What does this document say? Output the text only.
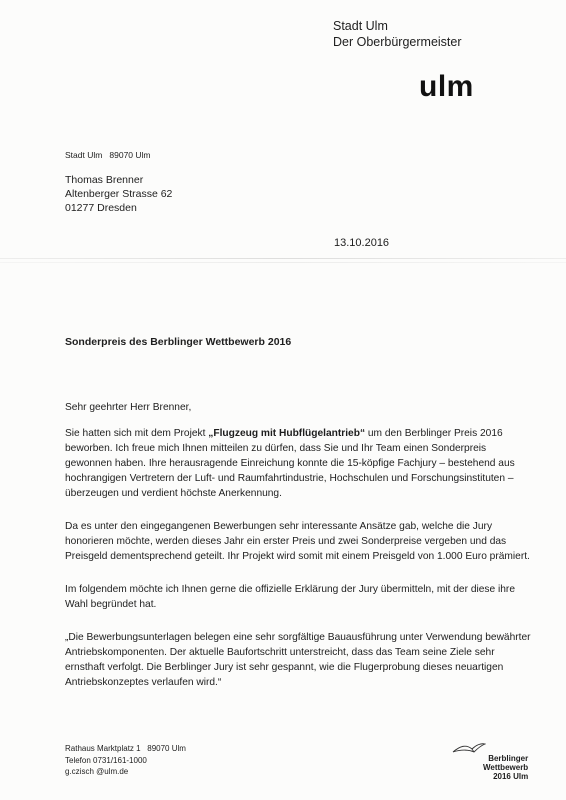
Stadt Ulm
Der Oberbürgermeister
ulm
Stadt Ulm   89070 Ulm
Thomas Brenner
Altenberger Strasse 62
01277 Dresden
13.10.2016
Sonderpreis des Berblinger Wettbewerb 2016

Sehr geehrter Herr Brenner,

Sie hatten sich mit dem Projekt „Flugzeug mit Hubflügelantrieb“ um den Berblinger Preis 2016 beworben. Ich freue mich Ihnen mitteilen zu dürfen, dass Sie und Ihr Team einen Sonderpreis gewonnen haben. Ihre herausragende Einreichung konnte die 15-köpfige Fachjury – bestehend aus hochrangigen Vertretern der Luft- und Raumfahrtindustrie, Hochschulen und Forschungsinstituten – überzeugen und verdient höchste Anerkennung.

Da es unter den eingegangenen Bewerbungen sehr interessante Ansätze gab, welche die Jury honorieren möchte, werden dieses Jahr ein erster Preis und zwei Sonderpreise vergeben und das Preisgeld dementsprechend geteilt. Ihr Projekt wird somit mit einem Preisgeld von 1.000 Euro prämiert.

Im folgendem möchte ich Ihnen gerne die offizielle Erklärung der Jury übermitteln, mit der diese ihre Wahl begründet hat.

„Die Bewerbungsunterlagen belegen eine sehr sorgfältige Bauausführung unter Verwendung bewährter Antriebskomponenten. Der aktuelle Baufortschritt unterstreicht, dass das Team seine Ziele sehr ernsthaft verfolgt. Die Berblinger Jury ist sehr gespannt, wie die Flugerprobung dieses neuartigen Antriebskonzeptes verlaufen wird.“

Rathaus Marktplatz 1   89070 Ulm
Telefon 0731/161-1000
g.czisch @ulm.de
Berblinger
Wettbewerb
2016 Ulm
